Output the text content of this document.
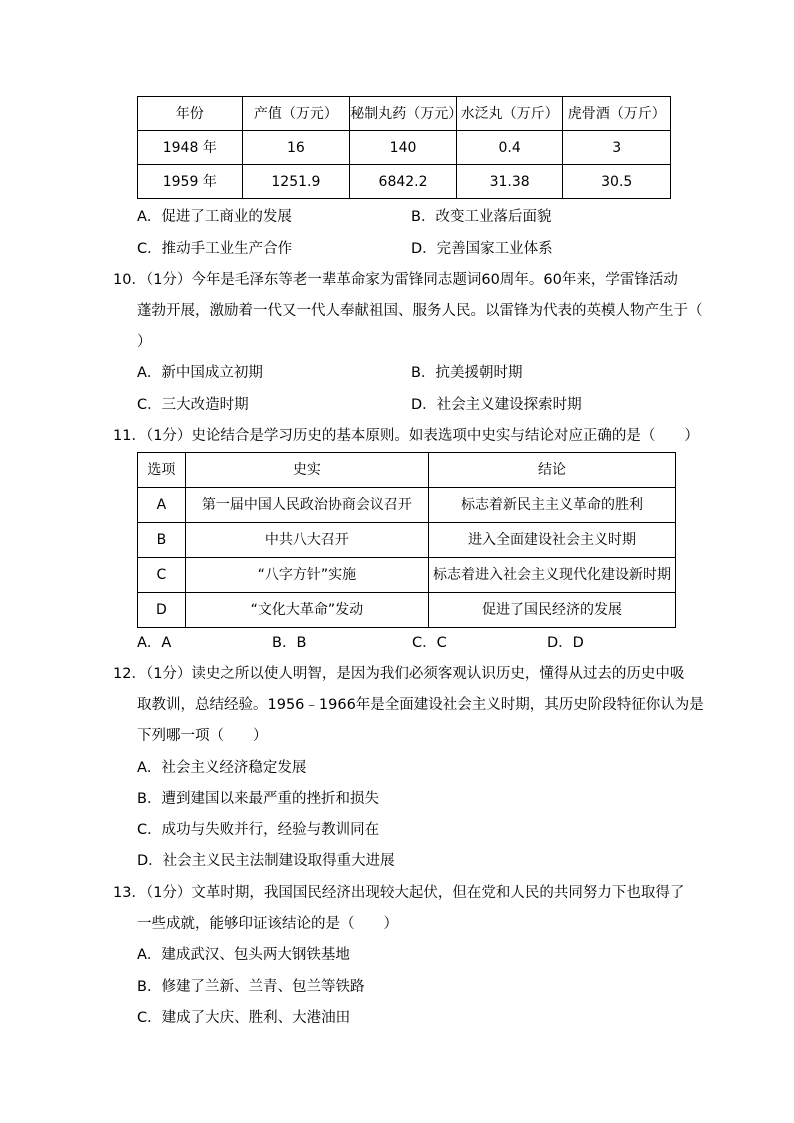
年份	产值（万元）	秘制丸药（万元）	水泛丸（万斤）	虎骨酒（万斤）
1948 年	16	140	0.4	3
1959 年	1251.9	6842.2	31.38	30.5
A．促进了工商业的发展	B．改变工业落后面貌
C．推动手工业生产合作	D．完善国家工业体系
10．（1分）今年是毛泽东等老一辈革命家为雷锋同志题词60周年。60年来，学雷锋活动
蓬勃开展，激励着一代又一代人奉献祖国、服务人民。以雷锋为代表的英模人物产生于（
）
A．新中国成立初期	B．抗美援朝时期
C．三大改造时期	D．社会主义建设探索时期
11．（1分）史论结合是学习历史的基本原则。如表选项中史实与结论对应正确的是（　　）
选项	史实	结论
A	第一届中国人民政治协商会议召开	标志着新民主主义革命的胜利
B	中共八大召开	进入全面建设社会主义时期
C	“八字方针”实施	标志着进入社会主义现代化建设新时期
D	“文化大革命”发动	促进了国民经济的发展
A．A	B．B	C．C	D．D
12．（1分）读史之所以使人明智，是因为我们必须客观认识历史，懂得从过去的历史中吸
取教训，总结经验。1956﹣1966年是全面建设社会主义时期，其历史阶段特征你认为是
下列哪一项（　　）
A．社会主义经济稳定发展
B．遭到建国以来最严重的挫折和损失
C．成功与失败并行，经验与教训同在
D．社会主义民主法制建设取得重大进展
13．（1分）文革时期，我国国民经济出现较大起伏，但在党和人民的共同努力下也取得了
一些成就，能够印证该结论的是（　　）
A．建成武汉、包头两大钢铁基地
B．修建了兰新、兰青、包兰等铁路
C．建成了大庆、胜利、大港油田
